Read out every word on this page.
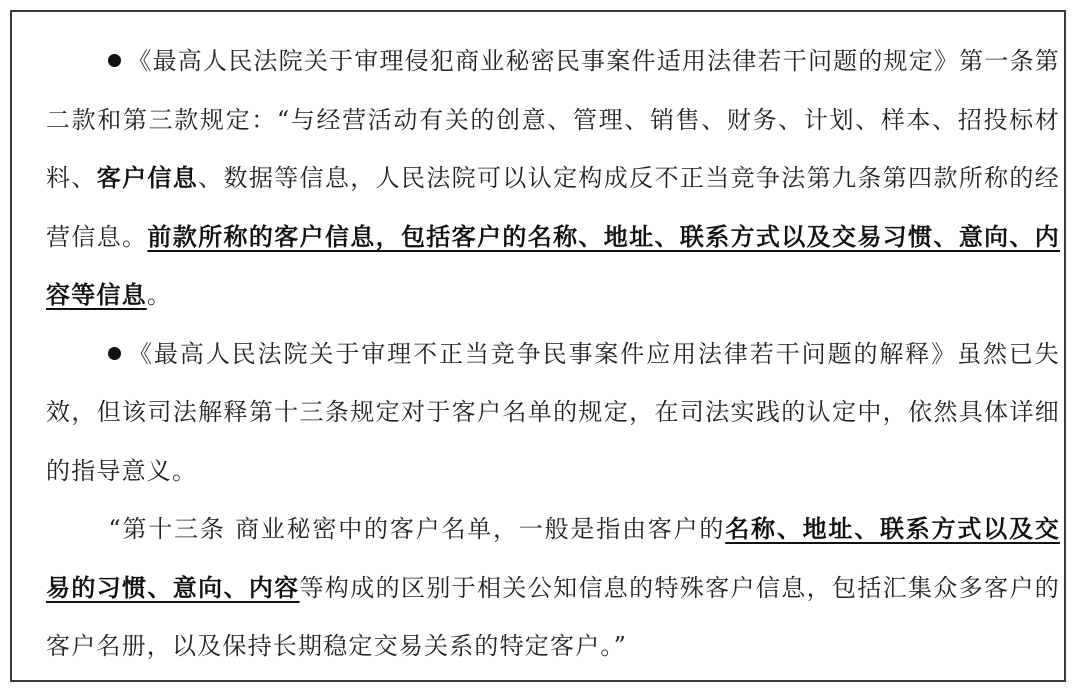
《最高人民法院关于审理侵犯商业秘密民事案件适用法律若干问题的规定》第一条第二款和第三款规定：“与经营活动有关的创意、管理、销售、财务、计划、样本、招投标材料、客户信息、数据等信息，人民法院可以认定构成反不正当竞争法第九条第四款所称的经营信息。前款所称的客户信息，包括客户的名称、地址、联系方式以及交易习惯、意向、内容等信息。

《最高人民法院关于审理不正当竞争民事案件应用法律若干问题的解释》虽然已失效，但该司法解释第十三条规定对于客户名单的规定，在司法实践的认定中，依然具体详细的指导意义。

“第十三条 商业秘密中的客户名单，一般是指由客户的名称、地址、联系方式以及交易的习惯、意向、内容等构成的区别于相关公知信息的特殊客户信息，包括汇集众多客户的客户名册，以及保持长期稳定交易关系的特定客户。”
